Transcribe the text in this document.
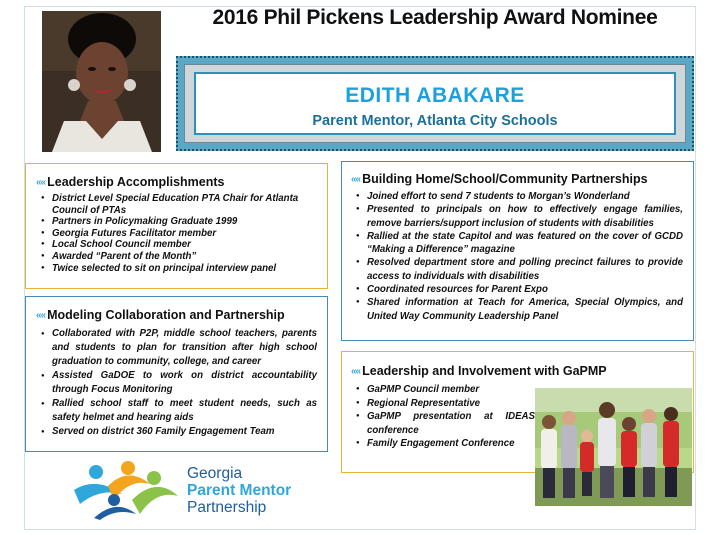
2016 Phil Pickens Leadership Award Nominee
EDITH ABAKARE
Parent Mentor, Atlanta City Schools
«« Leadership Accomplishments
● District Level Special Education PTA Chair for Atlanta Council of PTAs
● Partners in Policymaking Graduate 1999
● Georgia Futures Facilitator member
● Local School Council member
● Awarded “Parent of the Month”
● Twice selected to sit on principal interview panel
«« Modeling Collaboration and Partnership
● Collaborated with P2P, middle school teachers, parents and students to plan for transition after high school graduation to community, college, and career
● Assisted GaDOE to work on district accountability through Focus Monitoring
● Rallied school staff to meet student needs, such as safety helmet and hearing aids
● Served on district 360 Family Engagement Team
«« Building Home/School/Community Partnerships
● Joined effort to send 7 students to Morgan’s Wonderland
● Presented to principals on how to effectively engage families, remove barriers/support inclusion of students with disabilities
● Rallied at the state Capitol and was featured on the cover of GCDD “Making a Difference” magazine
● Resolved department store and polling precinct failures to provide access to individuals with disabilities
● Coordinated resources for Parent Expo
● Shared information at Teach for America, Special Olympics, and United Way Community Leadership Panel
«« Leadership and Involvement with GaPMP
● GaPMP Council member
● Regional Representative
● GaPMP presentation at IDEAS conference
● Family Engagement Conference
Georgia
Parent Mentor
Partnership
